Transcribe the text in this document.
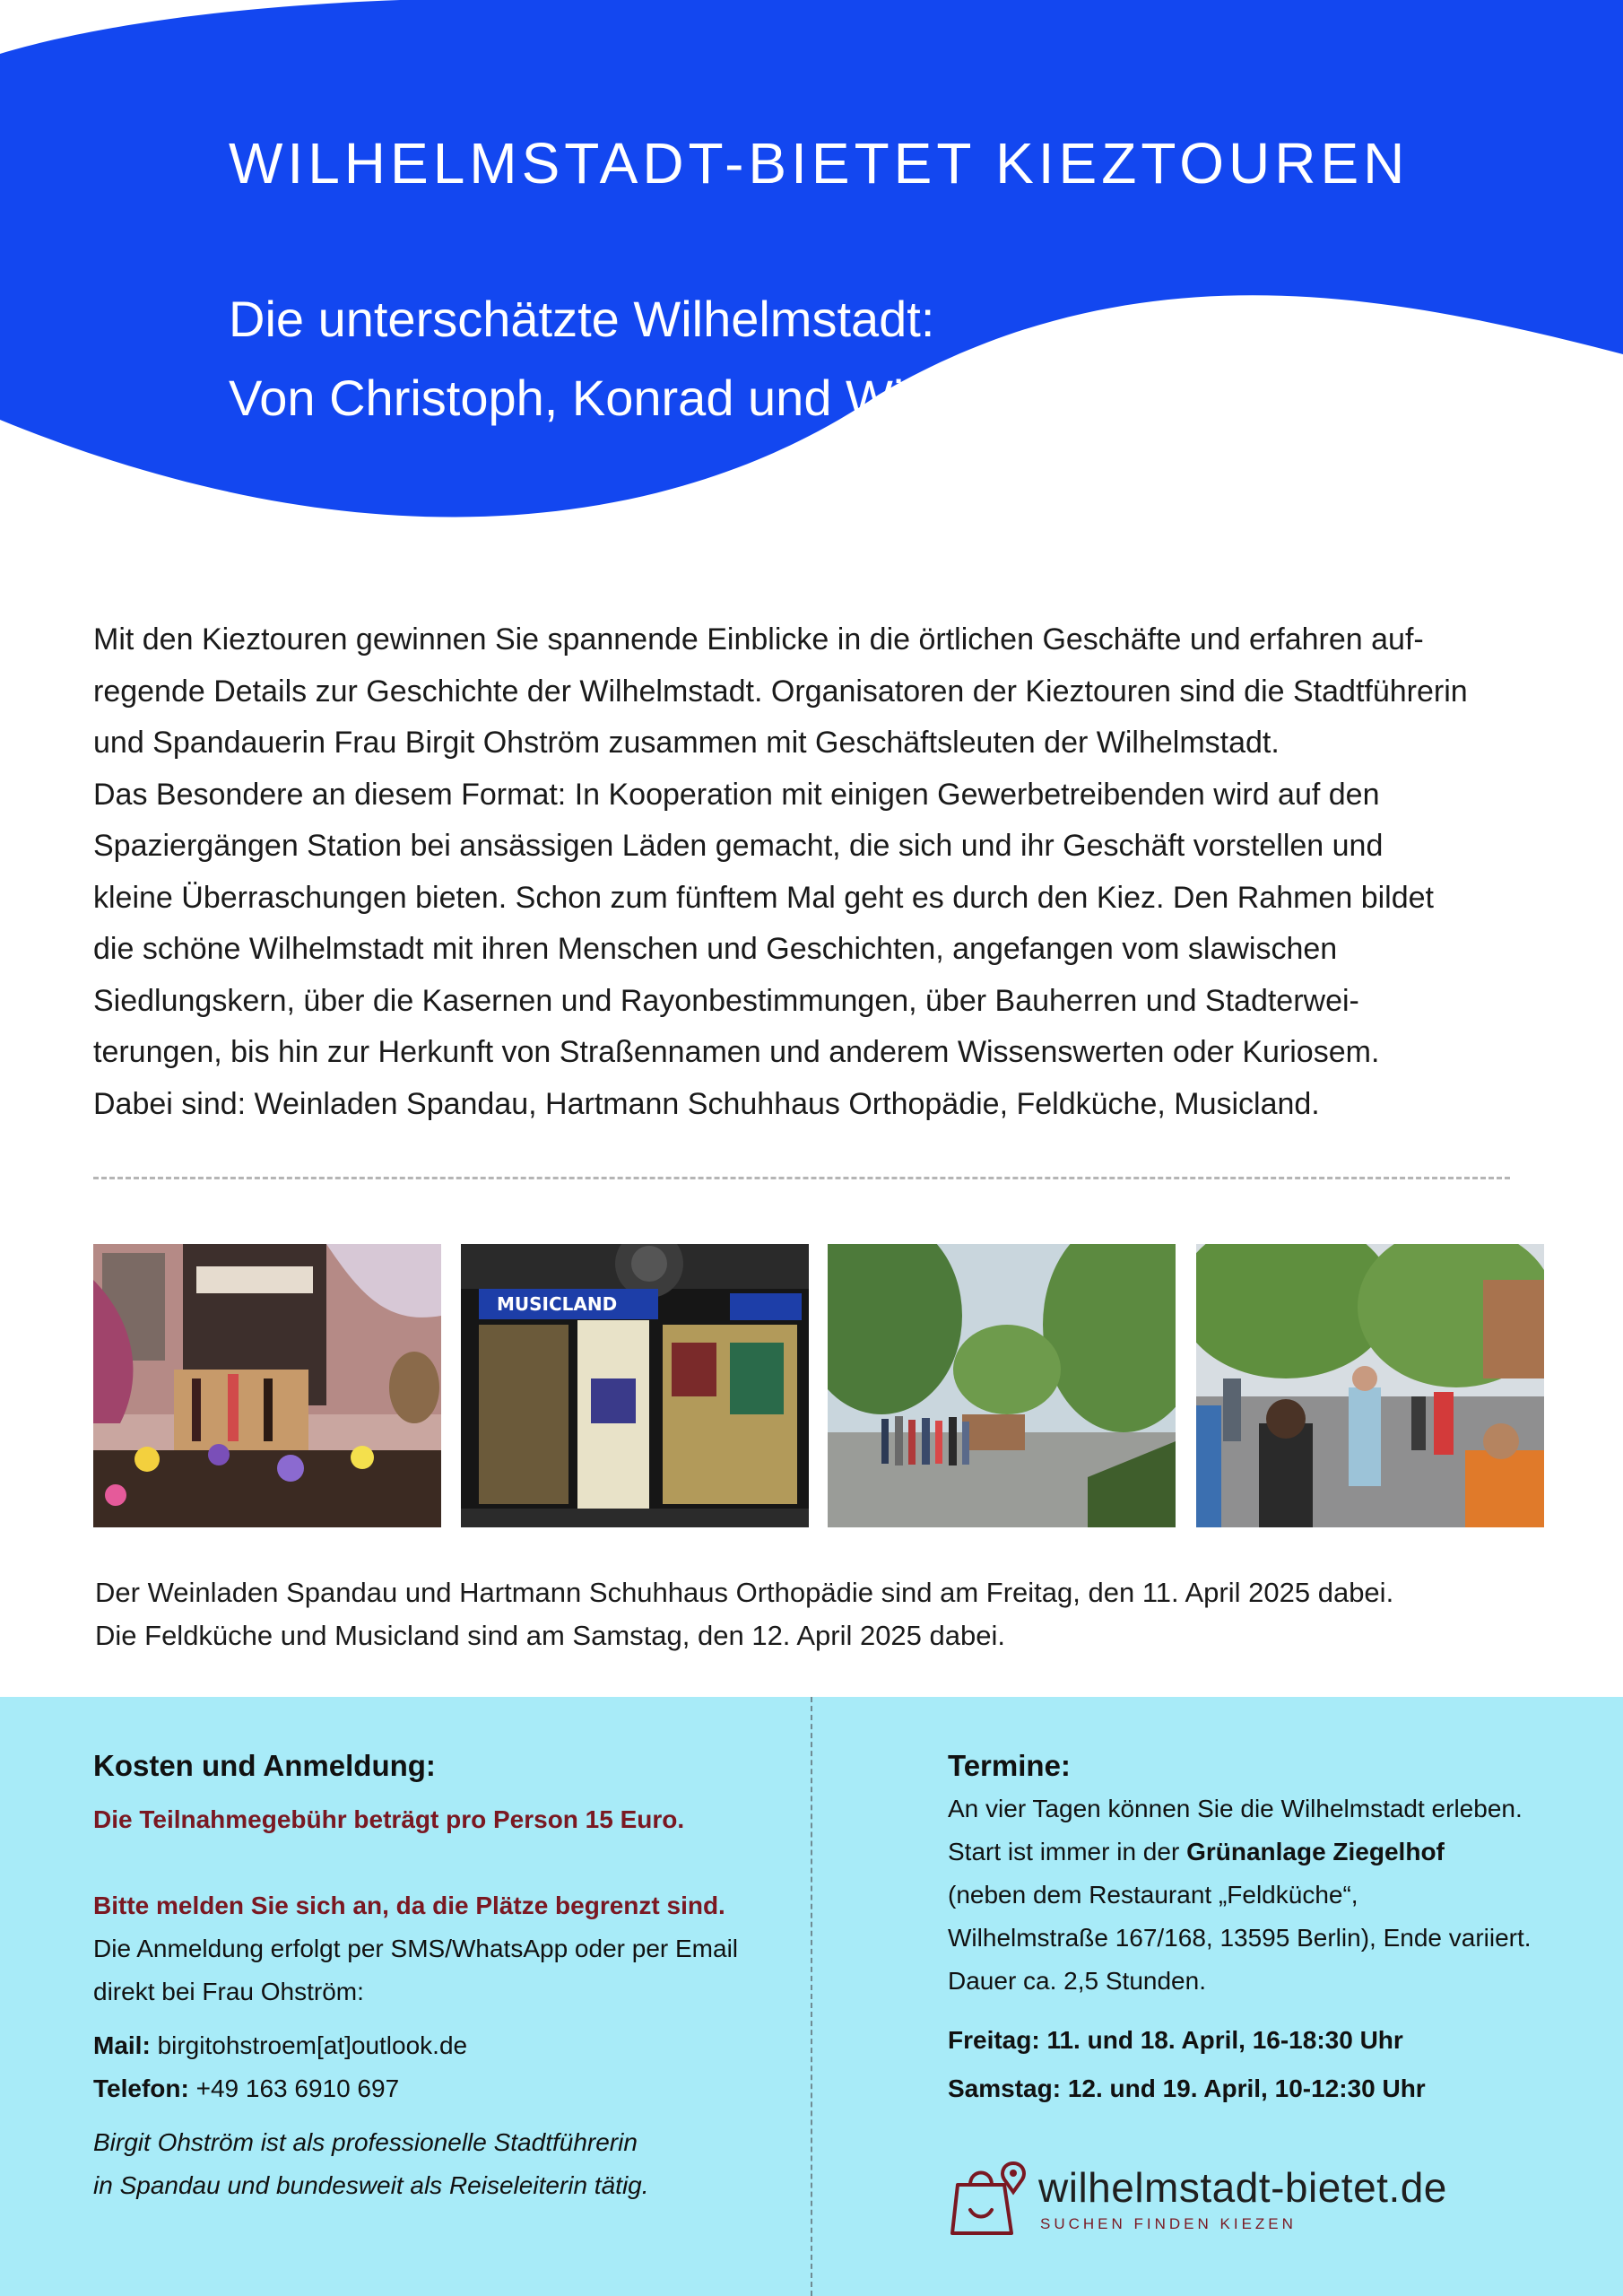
WILHELMSTADT-BIETET KIEZTOUREN
Die unterschätzte Wilhelmstadt:
Von Christoph, Konrad und Wilhelm
Mit den Kieztouren gewinnen Sie spannende Einblicke in die örtlichen Geschäfte und erfahren auf-
regende Details zur Geschichte der Wilhelmstadt. Organisatoren der Kieztouren sind die Stadtführerin
und Spandauerin Frau Birgit Ohström zusammen mit Geschäftsleuten der Wilhelmstadt.
Das Besondere an diesem Format: In Kooperation mit einigen Gewerbetreibenden wird auf den
Spaziergängen Station bei ansässigen Läden gemacht, die sich und ihr Geschäft vorstellen und
kleine Überraschungen bieten. Schon zum fünftem Mal geht es durch den Kiez. Den Rahmen bildet
die schöne Wilhelmstadt mit ihren Menschen und Geschichten, angefangen vom slawischen
Siedlungskern, über die Kasernen und Rayonbestimmungen, über Bauherren und Stadterwei-
terungen, bis hin zur Herkunft von Straßennamen und anderem Wissenswerten oder Kuriosem.
Dabei sind: Weinladen Spandau, Hartmann Schuhhaus Orthopädie, Feldküche, Musicland.
MUSICLAND
Der Weinladen Spandau und Hartmann Schuhhaus Orthopädie sind am Freitag, den 11. April 2025 dabei.
Die Feldküche und Musicland sind am Samstag, den 12. April 2025 dabei.
Kosten und Anmeldung:
Die Teilnahmegebühr beträgt pro Person 15 Euro.
Bitte melden Sie sich an, da die Plätze begrenzt sind.
Die Anmeldung erfolgt per SMS/WhatsApp oder per Email
direkt bei Frau Ohström:
Mail: birgitohstroem[at]outlook.de
Telefon: +49 163 6910 697
Birgit Ohström ist als professionelle Stadtführerin
in Spandau und bundesweit als Reiseleiterin tätig.
Termine:
An vier Tagen können Sie die Wilhelmstadt erleben.
Start ist immer in der Grünanlage Ziegelhof
(neben dem Restaurant „Feldküche“,
Wilhelmstraße 167/168, 13595 Berlin), Ende variiert.
Dauer ca. 2,5 Stunden.
Freitag: 11. und 18. April, 16-18:30 Uhr
Samstag: 12. und 19. April, 10-12:30 Uhr
wilhelmstadt-bietet.de
SUCHEN FINDEN KIEZEN
